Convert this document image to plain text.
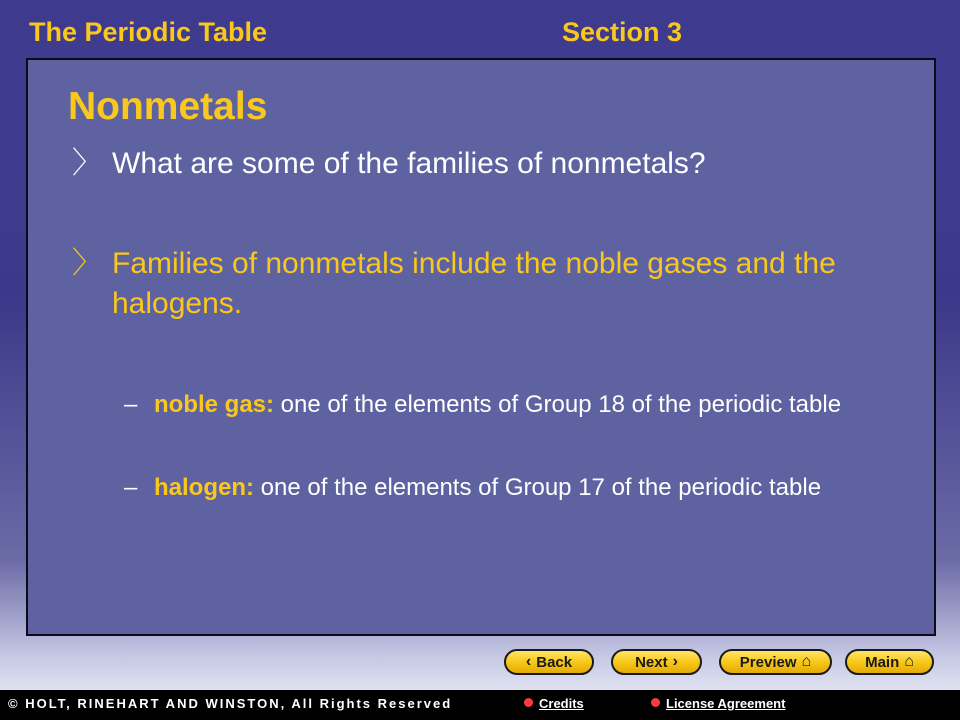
The Periodic Table	Section 3
Nonmetals
〉 What are some of the families of nonmetals?
〉 Families of nonmetals include the noble gases and the halogens.
– noble gas: one of the elements of Group 18 of the periodic table
– halogen: one of the elements of Group 17 of the periodic table
‹ Back	Next ›	Preview ⌂	Main ⌂
© HOLT, RINEHART AND WINSTON, All Rights Reserved	Credits	License Agreement
